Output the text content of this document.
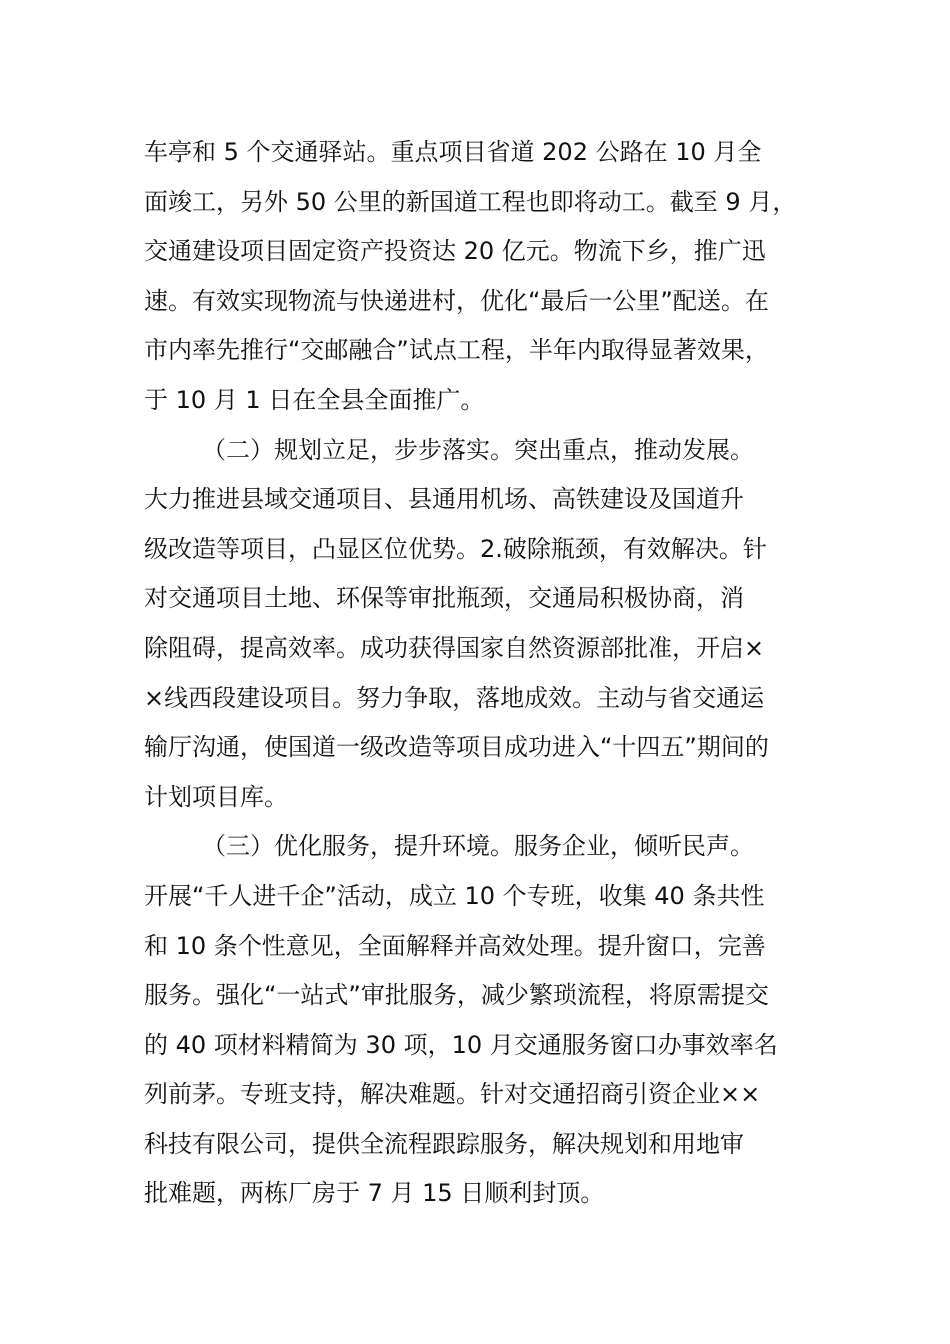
车亭和 5 个交通驿站。重点项目省道 202 公路在 10 月全
面竣工，另外 50 公里的新国道工程也即将动工。截至 9 月，
交通建设项目固定资产投资达 20 亿元。物流下乡，推广迅
速。有效实现物流与快递进村，优化“最后一公里”配送。在
市内率先推行“交邮融合”试点工程，半年内取得显著效果，
于 10 月 1 日在全县全面推广。
（二）规划立足，步步落实。突出重点，推动发展。
大力推进县域交通项目、县通用机场、高铁建设及国道升
级改造等项目，凸显区位优势。2.破除瓶颈，有效解决。针
对交通项目土地、环保等审批瓶颈，交通局积极协商，消
除阻碍，提高效率。成功获得国家自然资源部批准，开启×
×线西段建设项目。努力争取，落地成效。主动与省交通运
输厅沟通，使国道一级改造等项目成功进入“十四五”期间的
计划项目库。
（三）优化服务，提升环境。服务企业，倾听民声。
开展“千人进千企”活动，成立 10 个专班，收集 40 条共性
和 10 条个性意见，全面解释并高效处理。提升窗口，完善
服务。强化“一站式”审批服务，减少繁琐流程，将原需提交
的 40 项材料精简为 30 项，10 月交通服务窗口办事效率名
列前茅。专班支持，解决难题。针对交通招商引资企业××
科技有限公司，提供全流程跟踪服务，解决规划和用地审
批难题，两栋厂房于 7 月 15 日顺利封顶。
